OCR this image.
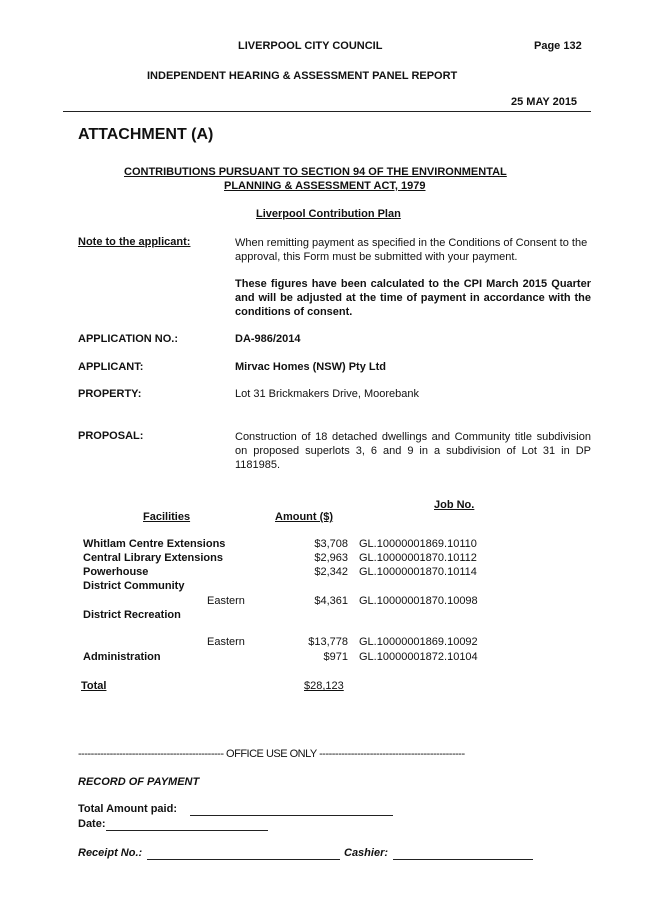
LIVERPOOL CITY COUNCIL	Page 132
INDEPENDENT HEARING & ASSESSMENT PANEL REPORT
25 MAY 2015
ATTACHMENT (A)
CONTRIBUTIONS PURSUANT TO SECTION 94 OF THE ENVIRONMENTAL
PLANNING & ASSESSMENT ACT, 1979
Liverpool Contribution Plan
Note to the applicant:	When remitting payment as specified in the Conditions of Consent to the approval, this Form must be submitted with your payment.
These figures have been calculated to the CPI March 2015 Quarter and will be adjusted at the time of payment in accordance with the conditions of consent.
APPLICATION NO.:	DA-986/2014
APPLICANT:	Mirvac Homes (NSW) Pty Ltd
PROPERTY:	Lot 31 Brickmakers Drive, Moorebank
PROPOSAL:	Construction of 18 detached dwellings and Community title subdivision on proposed superlots 3, 6 and 9 in a subdivision of Lot 31 in DP 1181985.
Facilities	Amount ($)
Job No.
Whitlam Centre Extensions	$3,708 GL.10000001869.10110
Central Library Extensions	$2,963 GL.10000001870.10112
Powerhouse	$2,342 GL.10000001870.10114
District Community
Eastern	$4,361 GL.10000001870.10098
District Recreation
Eastern	$13,778 GL.10000001869.10092
Administration	$971 GL.10000001872.10104
Total	$28,123
---------------------------------------------- OFFICE USE ONLY ----------------------------------------------
RECORD OF PAYMENT
Total Amount paid:
Date:
Receipt No.:	Cashier:
